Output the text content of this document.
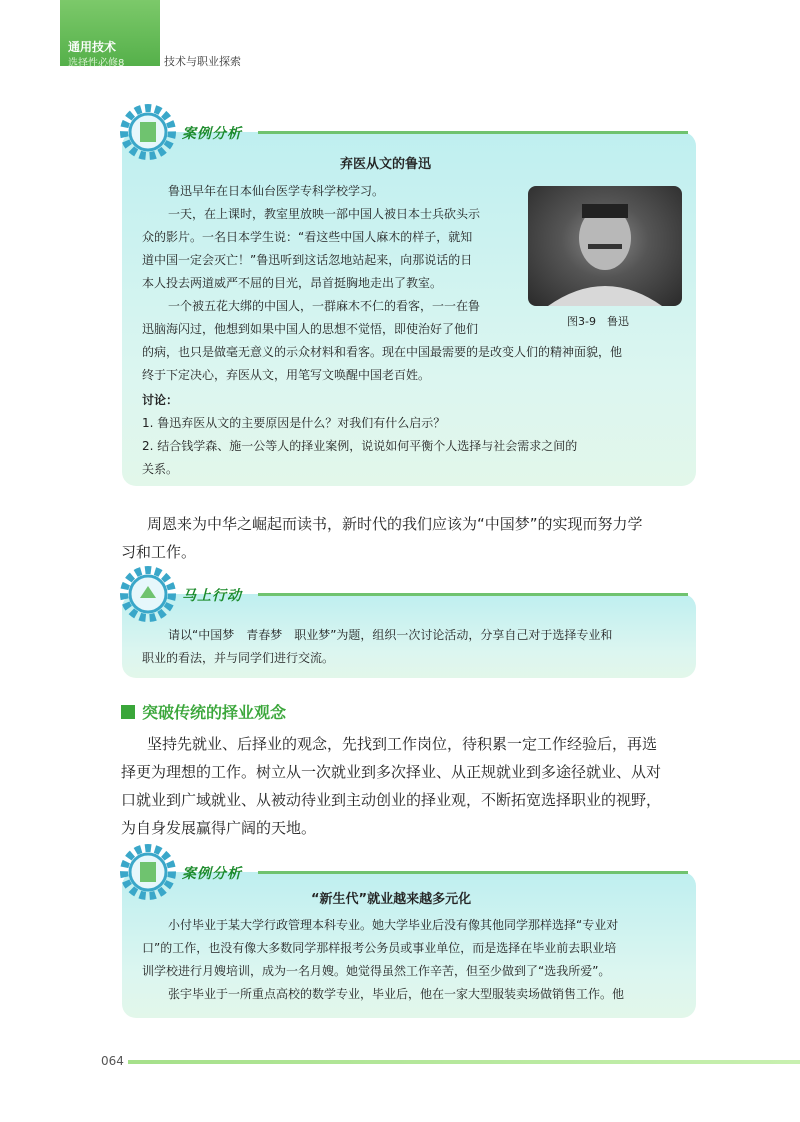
通用技术
选择性必修8	技术与职业探索
案例分析
弃医从文的鲁迅
鲁迅早年在日本仙台医学专科学校学习。
一天，在上课时，教室里放映一部中国人被日本士兵砍头示
众的影片。一名日本学生说：“看这些中国人麻木的样子，就知
道中国一定会灭亡！”鲁迅听到这话忽地站起来，向那说话的日
本人投去两道威严不屈的目光，昂首挺胸地走出了教室。
一个被五花大绑的中国人，一群麻木不仁的看客，一一在鲁
迅脑海闪过，他想到如果中国人的思想不觉悟，即使治好了他们
的病，也只是做毫无意义的示众材料和看客。现在中国最需要的是改变人们的精神面貌，他
终于下定决心，弃医从文，用笔写文唤醒中国老百姓。
图3-9　鲁迅
讨论：
1. 鲁迅弃医从文的主要原因是什么？对我们有什么启示？
2. 结合钱学森、施一公等人的择业案例，说说如何平衡个人选择与社会需求之间的
关系。
周恩来为中华之崛起而读书，新时代的我们应该为“中国梦”的实现而努力学
习和工作。
马上行动
请以“中国梦　青春梦　职业梦”为题，组织一次讨论活动，分享自己对于选择专业和
职业的看法，并与同学们进行交流。
突破传统的择业观念
坚持先就业、后择业的观念，先找到工作岗位，待积累一定工作经验后，再选
择更为理想的工作。树立从一次就业到多次择业、从正规就业到多途径就业、从对
口就业到广域就业、从被动待业到主动创业的择业观，不断拓宽选择职业的视野，
为自身发展赢得广阔的天地。
案例分析
“新生代”就业越来越多元化
小付毕业于某大学行政管理本科专业。她大学毕业后没有像其他同学那样选择“专业对
口”的工作，也没有像大多数同学那样报考公务员或事业单位，而是选择在毕业前去职业培
训学校进行月嫂培训，成为一名月嫂。她觉得虽然工作辛苦，但至少做到了“选我所爱”。
张宇毕业于一所重点高校的数学专业，毕业后，他在一家大型服装卖场做销售工作。他
064
